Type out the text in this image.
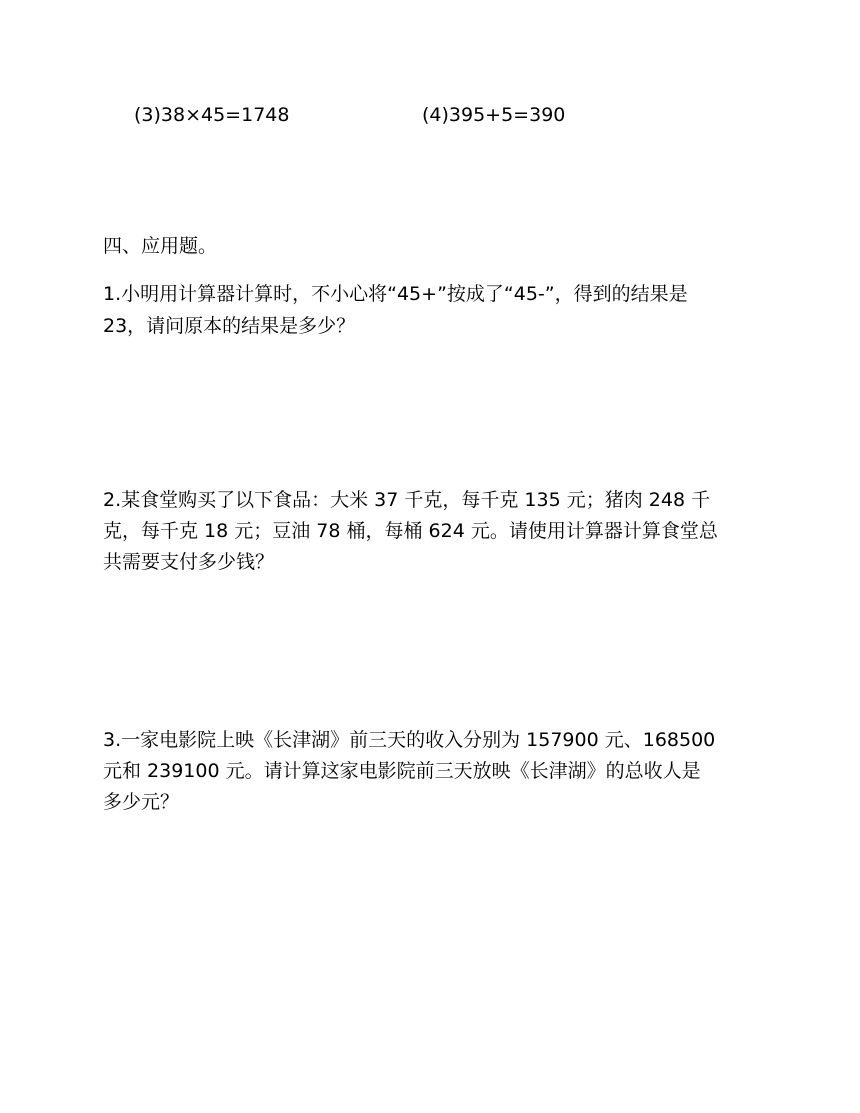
(3)38×45=1748	(4)395+5=390

四、应用题。

1.小明用计算器计算时，不小心将“45+”按成了“45-”，得到的结果是

23，请问原本的结果是多少？

2.某食堂购买了以下食品：大米 37 千克，每千克 135 元；猪肉 248 千

克，每千克 18 元；豆油 78 桶，每桶 624 元。请使用计算器计算食堂总

共需要支付多少钱？

3.一家电影院上映《长津湖》前三天的收入分别为 157900 元、168500

元和 239100 元。请计算这家电影院前三天放映《长津湖》的总收人是

多少元？
